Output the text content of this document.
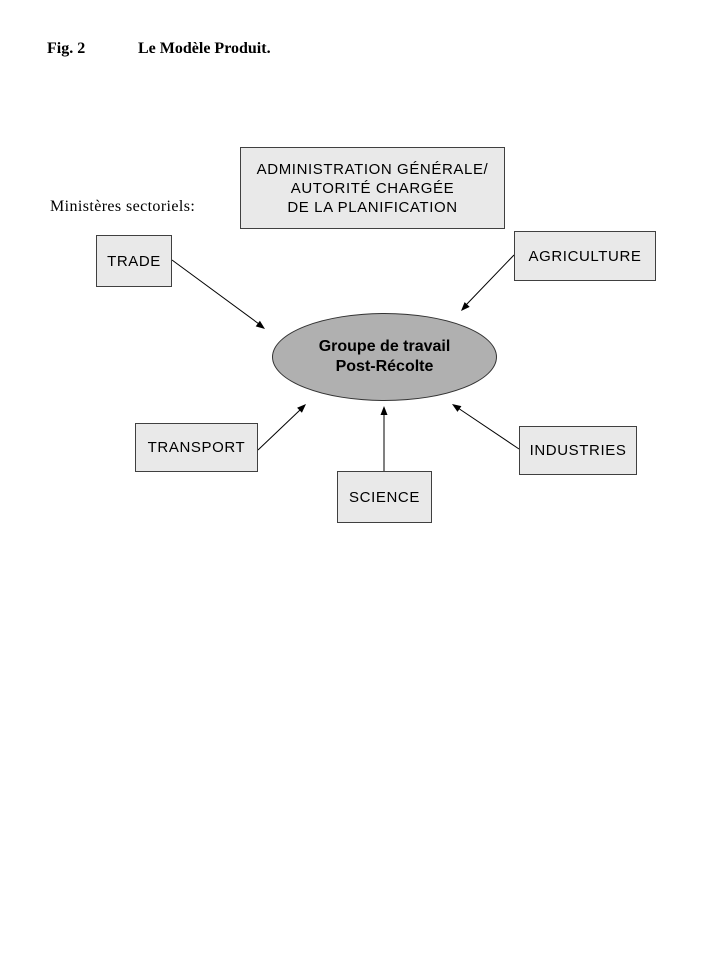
Fig. 2	Le Modèle Produit.
Ministères sectoriels:
ADMINISTRATION GÉNÉRALE/
AUTORITÉ CHARGÉE
DE LA PLANIFICATION
TRADE	AGRICULTURE
TRANSPORT
SCIENCE
INDUSTRIES
Groupe de travail
Post-Récolte
